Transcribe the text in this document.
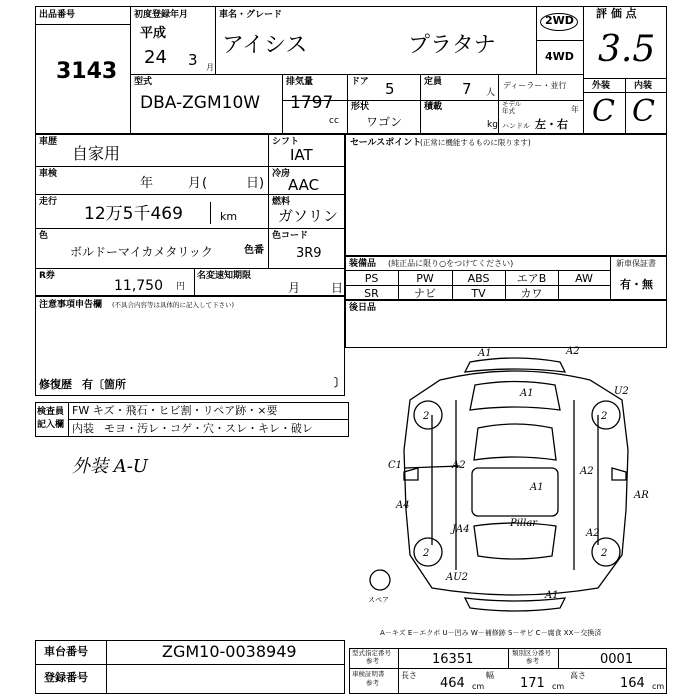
出品番号
3143
初度登録年月
平成
24 3 月
車名・グレード
アイシス	プラタナ
2WD
4WD
評 価 点
3.5
外装	内装
C C
型式
DBA-ZGM10W
排気量
1797
cc
ドア 5	定員 7 人
ディーラー・並行
形状
ワゴン
積載
kg
モデル年式	年
ハンドル 左・右
車歴
自家用
シフト
IAT
車検
年	月 (	日)
冷房
AAC
走行
12万5千469	km
燃料
ガソリン
色
ボルドーマイカメタリック	色番
色コード
3R9
R券
11,750 円
名変速知期限
月	日
セールスポイント
(正常に機能するものに限ります)
装備品 (純正品に限り○をつけてください)
PS	PW	ABS	エアB	AW
SR	ナビ	TV	カワ
新車保証書
有・無
後日品
注意事項申告欄 (不具合内容等は具体的に記入して下さい)
修復歴 有〔箇所	〕
検査員
記入欄
FW キズ・飛石・ヒビ割・リペア跡・×要
内装 モヨ・汚レ・コゲ・穴・スレ・キレ・破レ
外装 A-U
A1	A2
A1	U2
2	2
C1	A2
A4
A2
AR
A1
JA4
Pillar
A2
2	2
AU2
A1
スペア
A－キズ E－エクボ U－凹み W－補修跡 S－サビ C－腐食 XX－交換済
車台番号	ZGM10-0038949
登録番号
型式指定番号
参考	16351	類別区分番号
参考	0001
車検証明書
参考
長さ
464 cm
幅
171 cm
高さ
164 cm
